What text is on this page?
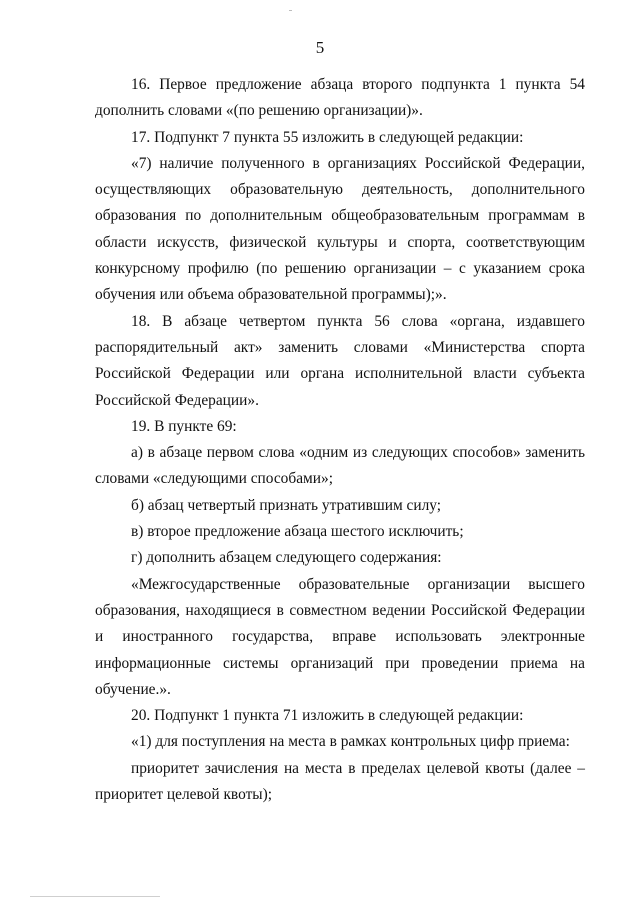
5

16. Первое предложение абзаца второго подпункта 1 пункта 54 дополнить словами «(по решению организации)».

17. Подпункт 7 пункта 55 изложить в следующей редакции:

«7) наличие полученного в организациях Российской Федерации, осуществляющих образовательную деятельность, дополнительного образования по дополнительным общеобразовательным программам в области искусств, физической культуры и спорта, соответствующим конкурсному профилю (по решению организации – с указанием срока обучения или объема образовательной программы);».

18. В абзаце четвертом пункта 56 слова «органа, издавшего распорядительный акт» заменить словами «Министерства спорта Российской Федерации или органа исполнительной власти субъекта Российской Федерации».

19. В пункте 69:

а) в абзаце первом слова «одним из следующих способов» заменить словами «следующими способами»;

б) абзац четвертый признать утратившим силу;

в) второе предложение абзаца шестого исключить;

г) дополнить абзацем следующего содержания:

«Межгосударственные образовательные организации высшего образования, находящиеся в совместном ведении Российской Федерации и иностранного государства, вправе использовать электронные информационные системы организаций при проведении приема на обучение.».

20. Подпункт 1 пункта 71 изложить в следующей редакции:

«1) для поступления на места в рамках контрольных цифр приема:

приоритет зачисления на места в пределах целевой квоты (далее – приоритет целевой квоты);
